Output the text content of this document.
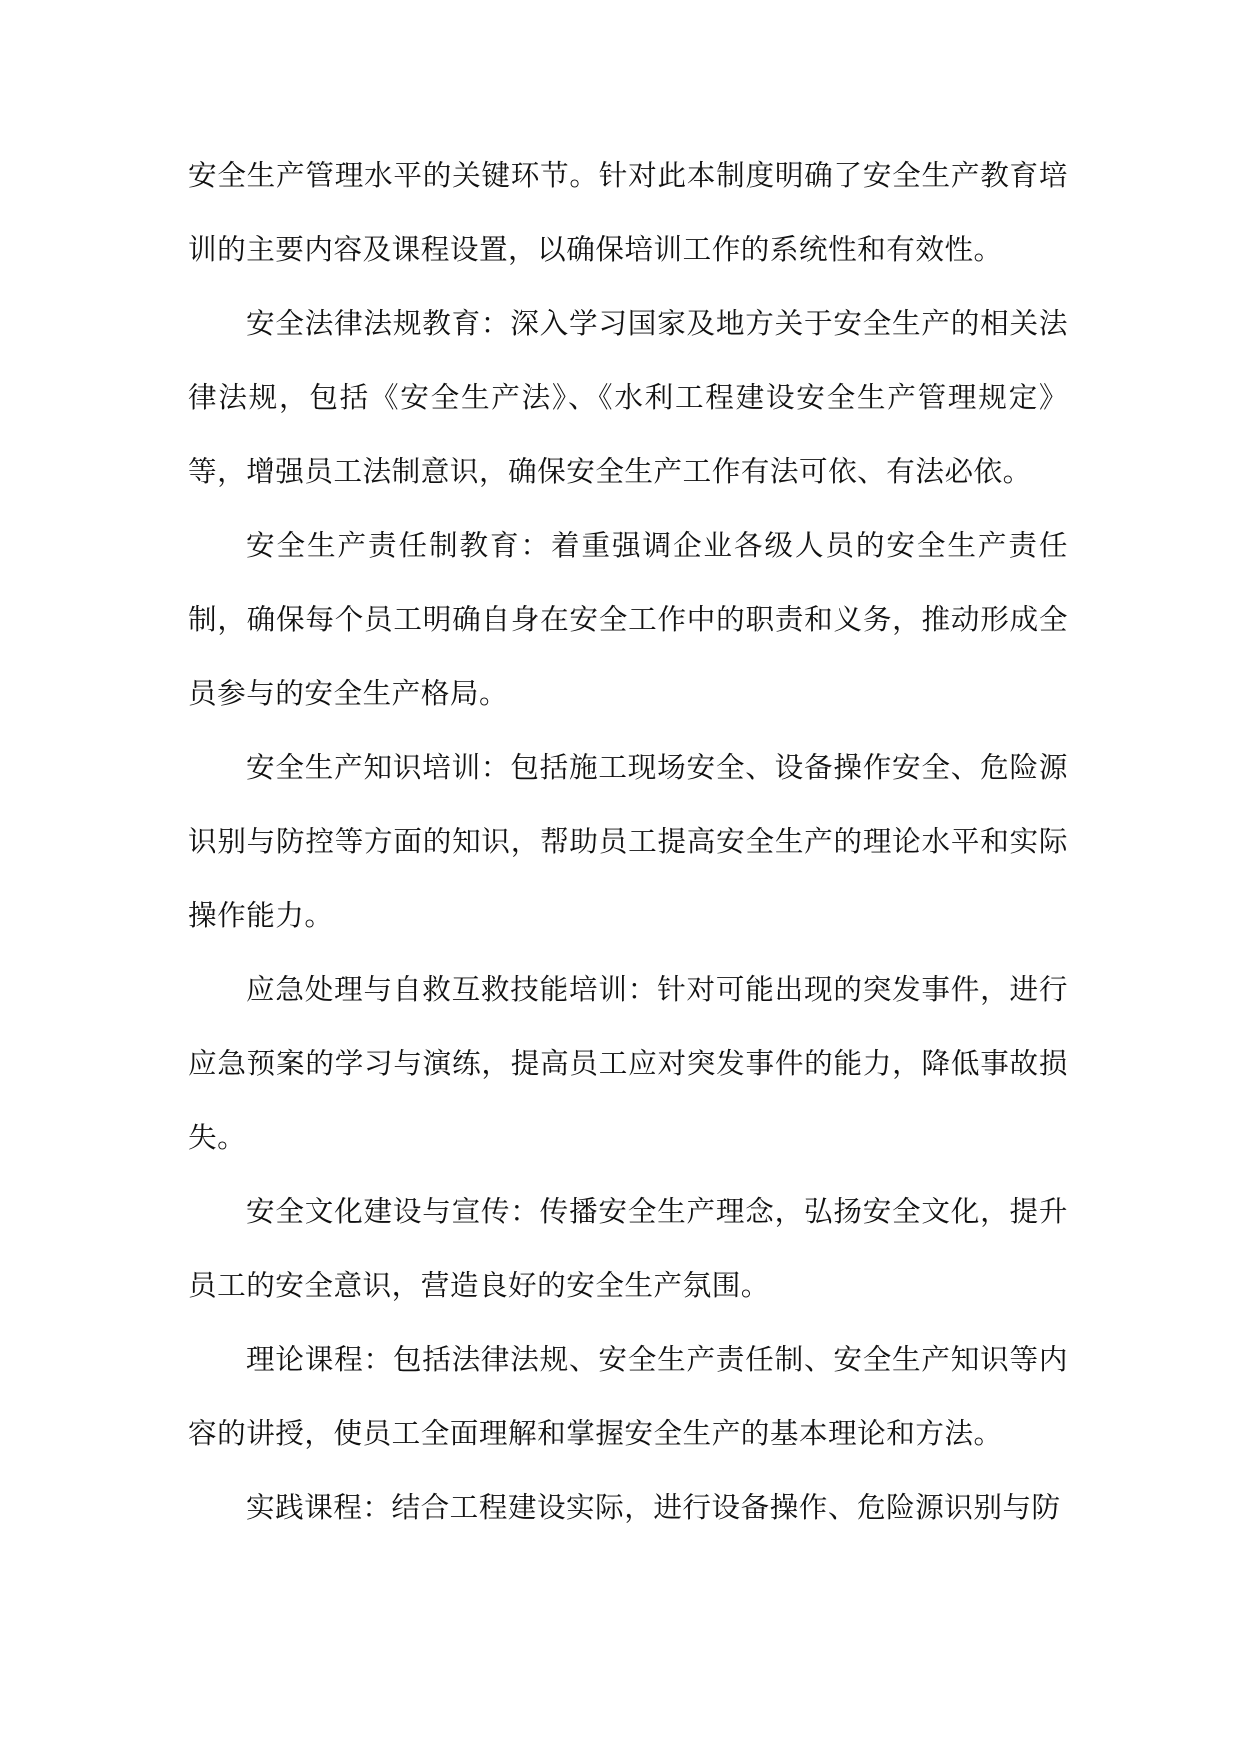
安全生产管理水平的关键环节。针对此本制度明确了安全生产教育培训的主要内容及课程设置，以确保培训工作的系统性和有效性。

安全法律法规教育：深入学习国家及地方关于安全生产的相关法律法规，包括《安全生产法》、《水利工程建设安全生产管理规定》等，增强员工法制意识，确保安全生产工作有法可依、有法必依。

安全生产责任制教育：着重强调企业各级人员的安全生产责任制，确保每个员工明确自身在安全工作中的职责和义务，推动形成全员参与的安全生产格局。

安全生产知识培训：包括施工现场安全、设备操作安全、危险源识别与防控等方面的知识，帮助员工提高安全生产的理论水平和实际操作能力。

应急处理与自救互救技能培训：针对可能出现的突发事件，进行应急预案的学习与演练，提高员工应对突发事件的能力，降低事故损失。

安全文化建设与宣传：传播安全生产理念，弘扬安全文化，提升员工的安全意识，营造良好的安全生产氛围。

理论课程：包括法律法规、安全生产责任制、安全生产知识等内容的讲授，使员工全面理解和掌握安全生产的基本理论和方法。

实践课程：结合工程建设实际，进行设备操作、危险源识别与防
